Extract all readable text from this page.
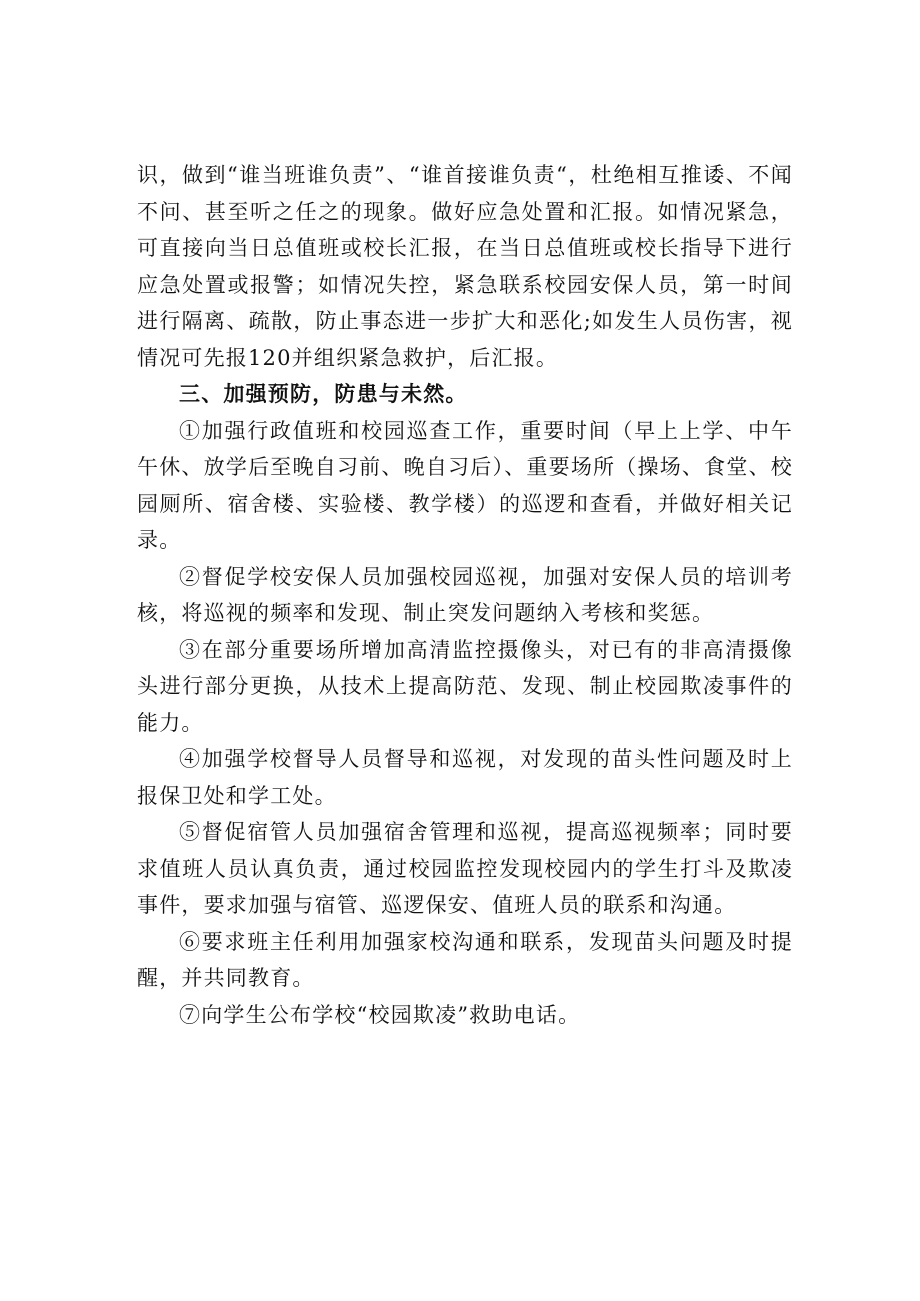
识，做到“谁当班谁负责”、“谁首接谁负责“，杜绝相互推诿、不闻不问、甚至听之任之的现象。做好应急处置和汇报。如情况紧急，可直接向当日总值班或校长汇报，在当日总值班或校长指导下进行应急处置或报警；如情况失控，紧急联系校园安保人员，第一时间进行隔离、疏散，防止事态进一步扩大和恶化;如发生人员伤害，视情况可先报120并组织紧急救护，后汇报。

三、加强预防，防患与未然。

①加强行政值班和校园巡查工作，重要时间（早上上学、中午午休、放学后至晚自习前、晚自习后）、重要场所（操场、食堂、校园厕所、宿舍楼、实验楼、教学楼）的巡逻和查看，并做好相关记录。

②督促学校安保人员加强校园巡视，加强对安保人员的培训考核，将巡视的频率和发现、制止突发问题纳入考核和奖惩。

③在部分重要场所增加高清监控摄像头，对已有的非高清摄像头进行部分更换，从技术上提高防范、发现、制止校园欺凌事件的能力。

④加强学校督导人员督导和巡视，对发现的苗头性问题及时上报保卫处和学工处。

⑤督促宿管人员加强宿舍管理和巡视，提高巡视频率；同时要求值班人员认真负责，通过校园监控发现校园内的学生打斗及欺凌事件，要求加强与宿管、巡逻保安、值班人员的联系和沟通。

⑥要求班主任利用加强家校沟通和联系，发现苗头问题及时提醒，并共同教育。

⑦向学生公布学校“校园欺凌”救助电话。
